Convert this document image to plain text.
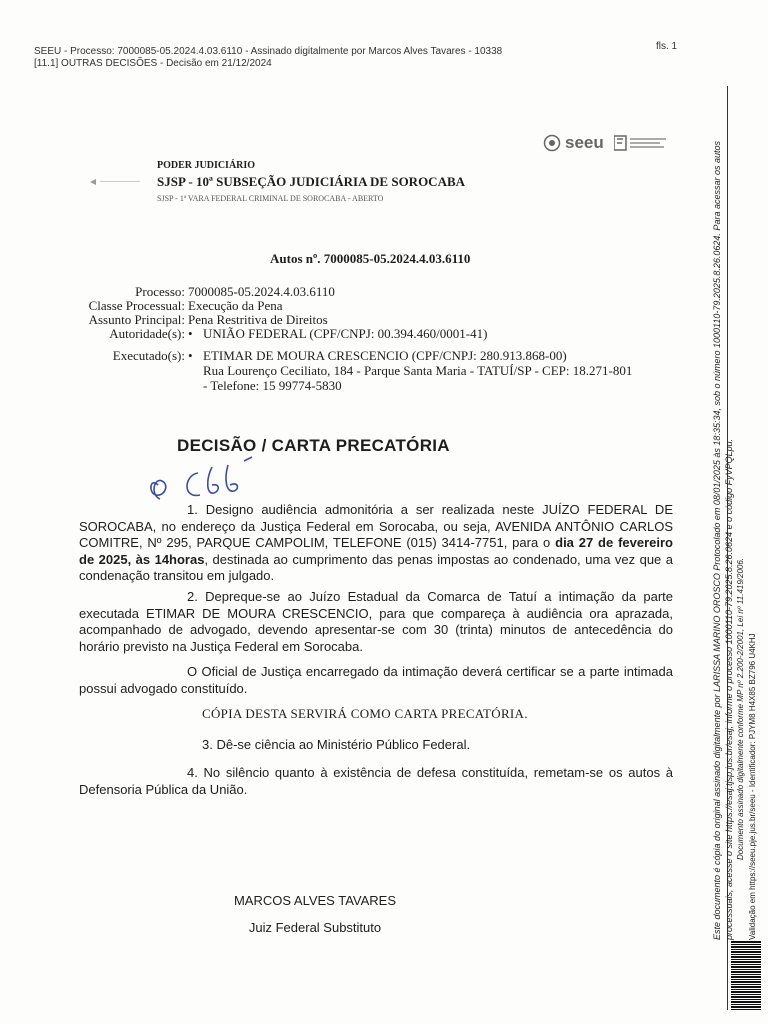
SEEU - Processo: 7000085-05.2024.4.03.6110 - Assinado digitalmente por Marcos Alves Tavares - 10338
[11.1] OUTRAS DECISÕES - Decisão em 21/12/2024
fls. 1
seeu
PODER JUDICIÁRIO
SJSP - 10ª SUBSEÇÃO JUDICIÁRIA DE SOROCABA
SJSP - 1ª VARA FEDERAL CRIMINAL DE SOROCABA - ABERTO
Autos nº. 7000085-05.2024.4.03.6110
Processo: 7000085-05.2024.4.03.6110
Classe Processual: Execução da Pena
Assunto Principal: Pena Restritiva de Direitos
Autoridade(s): • UNIÃO FEDERAL (CPF/CNPJ: 00.394.460/0001-41)
Executado(s): • ETIMAR DE MOURA CRESCENCIO (CPF/CNPJ: 280.913.868-00)
Rua Lourenço Ceciliato, 184 - Parque Santa Maria - TATUÍ/SP - CEP: 18.271-801
- Telefone: 15 99774-5830
DECISÃO / CARTA PRECATÓRIA
1. Designo audiência admonitória a ser realizada neste JUÍZO FEDERAL DE SOROCABA, no endereço da Justiça Federal em Sorocaba, ou seja, AVENIDA ANTÔNIO CARLOS COMITRE, Nº 295, PARQUE CAMPOLIM, TELEFONE (015) 3414-7751, para o dia 27 de fevereiro de 2025, às 14horas, destinada ao cumprimento das penas impostas ao condenado, uma vez que a condenação transitou em julgado.
2. Depreque-se ao Juízo Estadual da Comarca de Tatuí a intimação da parte executada ETIMAR DE MOURA CRESCENCIO, para que compareça à audiência ora aprazada, acompanhado de advogado, devendo apresentar-se com 30 (trinta) minutos de antecedência do horário previsto na Justiça Federal em Sorocaba.
O Oficial de Justiça encarregado da intimação deverá certificar se a parte intimada possui advogado constituído.
CÓPIA DESTA SERVIRÁ COMO CARTA PRECATÓRIA.
3. Dê-se ciência ao Ministério Público Federal.
4. No silêncio quanto à existência de defesa constituída, remetam-se os autos à Defensoria Pública da União.
MARCOS ALVES TAVARES
Juiz Federal Substituto	Este documento é cópia do original assinado digitalmente por LARISSA MARINO OROSCO Protocolado em 08/01/2025 às 18:35:34, sob o número 1000110-79.2025.8.26.0624. Para acessar os autos processuais, acesse o site https://esaj.tjsp.jus.br/esaj, informe o processo 1000110-79.2025.8.26.0624 e o código FyVPQLpu. Documento assinado digitalmente conforme MP nº 2.200-2/2001, Lei nº 11.419/2006. Validação em https://seeu.pje.jus.br/seeu - Identificador: PJYM8 H4X85 BZ796 U4KHJ
